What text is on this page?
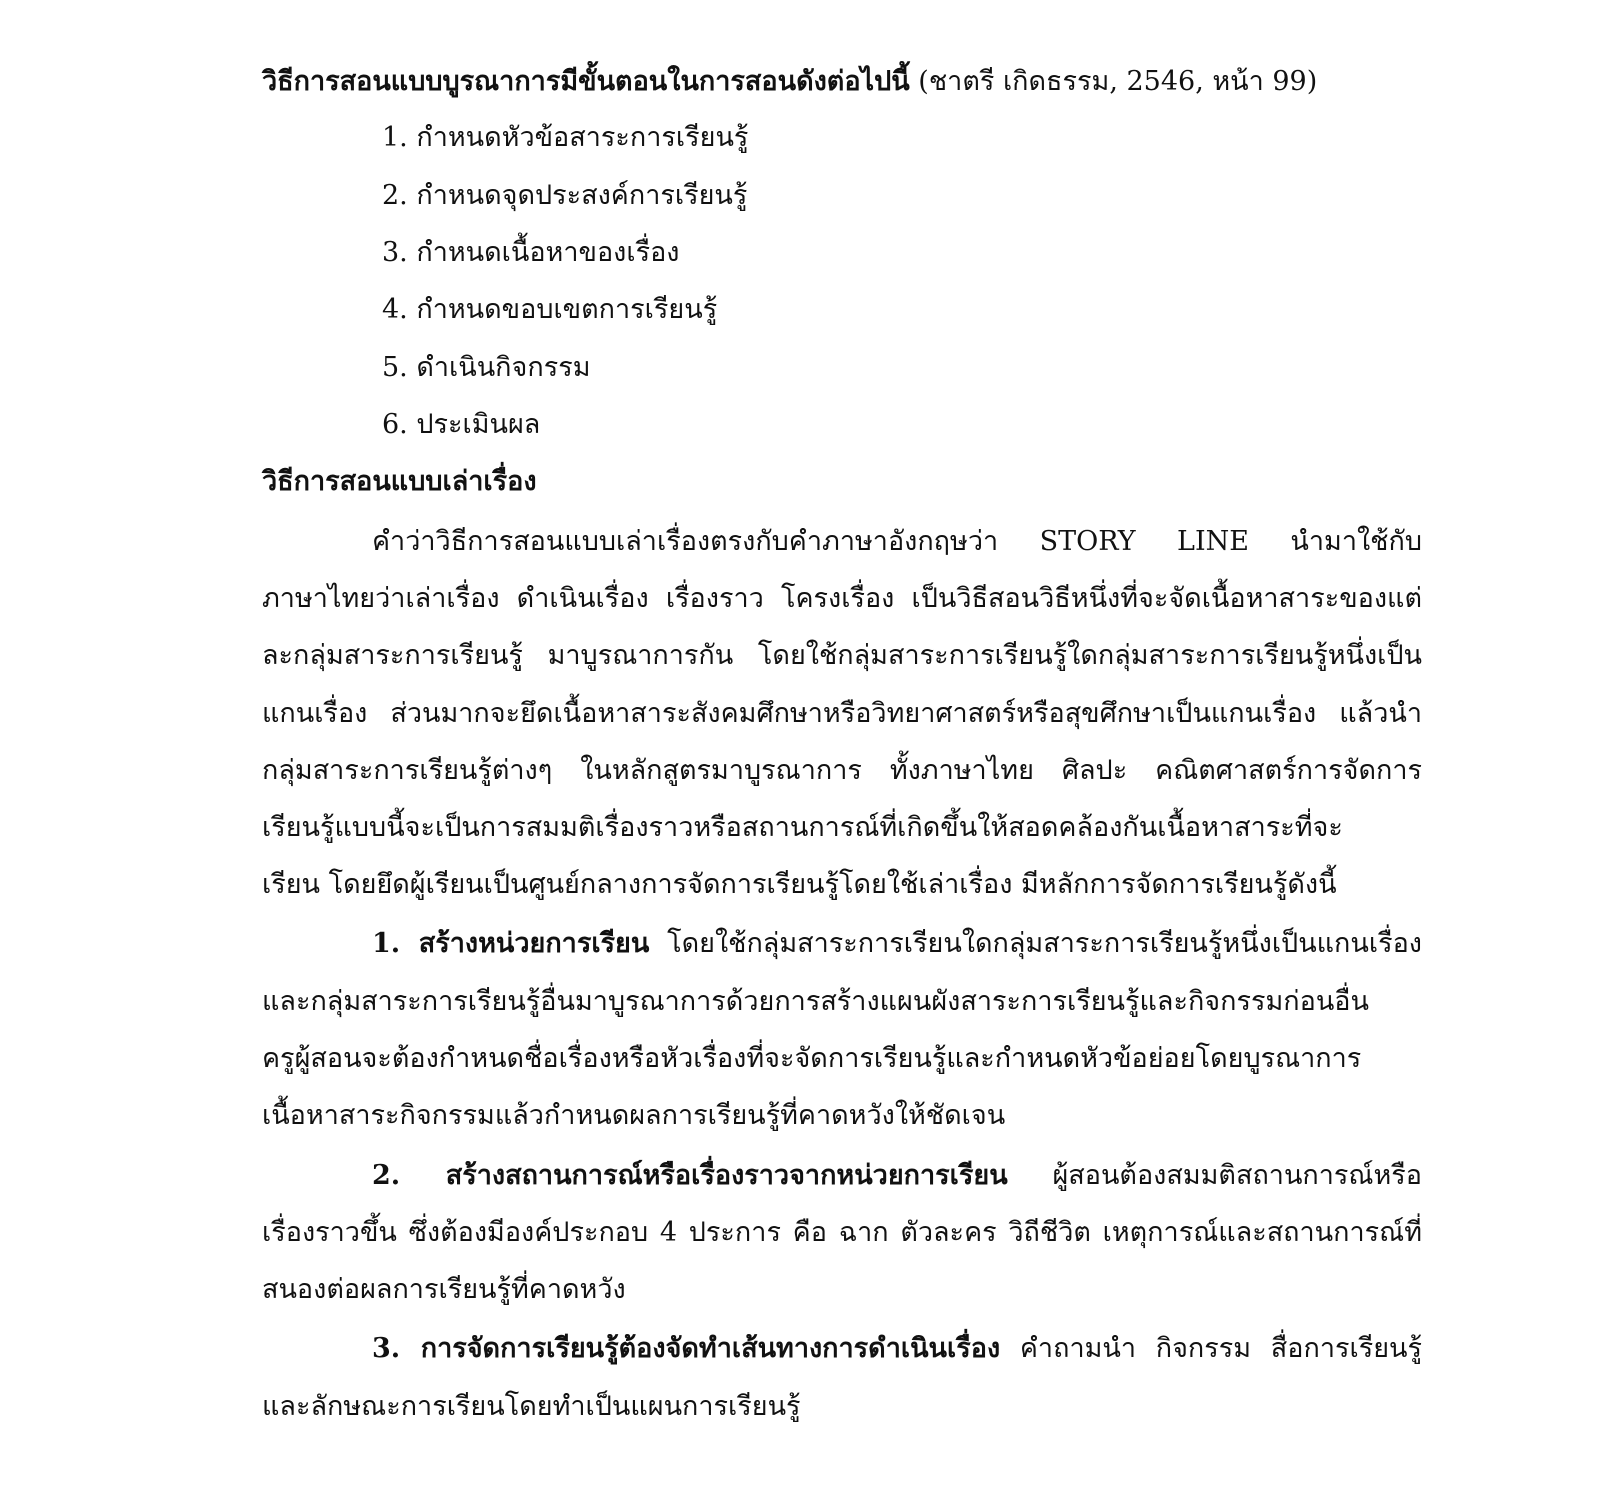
วิธีการสอนแบบบูรณาการมีขั้นตอนในการสอนดังต่อไปนี้ (ชาตรี เกิดธรรม, 2546, หน้า 99)
1. กำหนดหัวข้อสาระการเรียนรู้
2. กำหนดจุดประสงค์การเรียนรู้
3. กำหนดเนื้อหาของเรื่อง
4. กำหนดขอบเขตการเรียนรู้
5. ดำเนินกิจกรรม
6. ประเมินผล
วิธีการสอนแบบเล่าเรื่อง
คำว่าวิธีการสอนแบบเล่าเรื่องตรงกับคำภาษาอังกฤษว่า STORY LINE นำมาใช้กับ
ภาษาไทยว่าเล่าเรื่อง ดำเนินเรื่อง เรื่องราว โครงเรื่อง เป็นวิธีสอนวิธีหนึ่งที่จะจัดเนื้อหาสาระของแต่
ละกลุ่มสาระการเรียนรู้ มาบูรณาการกัน โดยใช้กลุ่มสาระการเรียนรู้ใดกลุ่มสาระการเรียนรู้หนึ่งเป็น
แกนเรื่อง ส่วนมากจะยึดเนื้อหาสาระสังคมศึกษาหรือวิทยาศาสตร์หรือสุขศึกษาเป็นแกนเรื่อง แล้วนำ
กลุ่มสาระการเรียนรู้ต่างๆ ในหลักสูตรมาบูรณาการ ทั้งภาษาไทย ศิลปะ คณิตศาสตร์การจัดการ
เรียนรู้แบบนี้จะเป็นการสมมติเรื่องราวหรือสถานการณ์ที่เกิดขึ้นให้สอดคล้องกันเนื้อหาสาระที่จะ
เรียน โดยยึดผู้เรียนเป็นศูนย์กลางการจัดการเรียนรู้โดยใช้เล่าเรื่อง มีหลักการจัดการเรียนรู้ดังนี้
1. สร้างหน่วยการเรียน โดยใช้กลุ่มสาระการเรียนใดกลุ่มสาระการเรียนรู้หนึ่งเป็นแกนเรื่อง
และกลุ่มสาระการเรียนรู้อื่นมาบูรณาการด้วยการสร้างแผนผังสาระการเรียนรู้และกิจกรรมก่อนอื่น
ครูผู้สอนจะต้องกำหนดชื่อเรื่องหรือหัวเรื่องที่จะจัดการเรียนรู้และกำหนดหัวข้อย่อยโดยบูรณาการ
เนื้อหาสาระกิจกรรมแล้วกำหนดผลการเรียนรู้ที่คาดหวังให้ชัดเจน
2. สร้างสถานการณ์หรือเรื่องราวจากหน่วยการเรียน ผู้สอนต้องสมมติสถานการณ์หรือ
เรื่องราวขึ้น ซึ่งต้องมีองค์ประกอบ 4 ประการ คือ ฉาก ตัวละคร วิถีชีวิต เหตุการณ์และสถานการณ์ที่
สนองต่อผลการเรียนรู้ที่คาดหวัง
3. การจัดการเรียนรู้ต้องจัดทำเส้นทางการดำเนินเรื่อง คำถามนำ กิจกรรม สื่อการเรียนรู้
และลักษณะการเรียนโดยทำเป็นแผนการเรียนรู้
